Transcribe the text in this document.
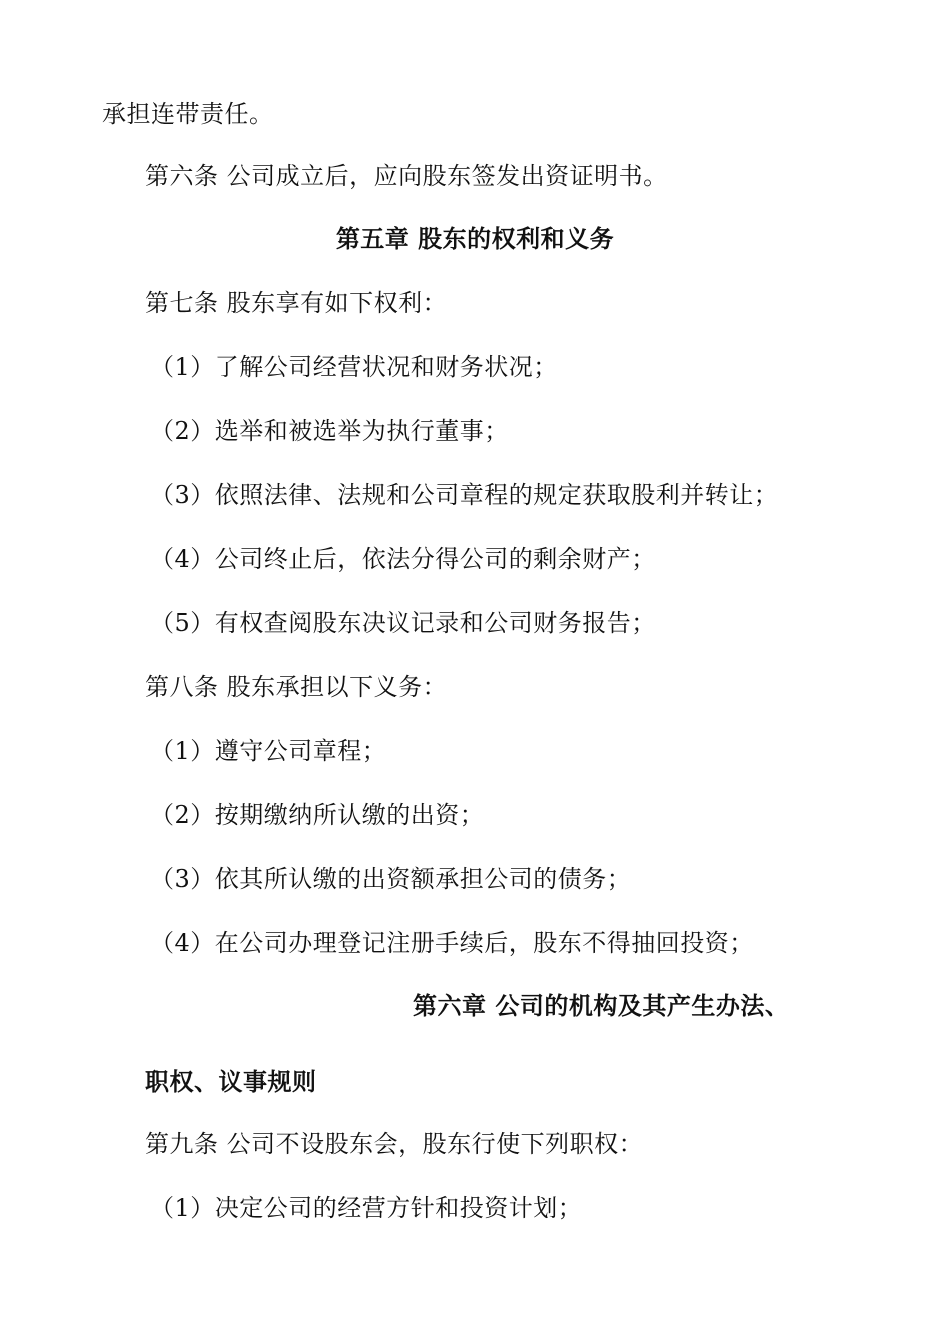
承担连带责任。
第六条 公司成立后，应向股东签发出资证明书。
第五章 股东的权利和义务
第七条 股东享有如下权利：
（1）了解公司经营状况和财务状况；
（2）选举和被选举为执行董事；
（3）依照法律、法规和公司章程的规定获取股利并转让；
（4）公司终止后，依法分得公司的剩余财产；
（5）有权查阅股东决议记录和公司财务报告；
第八条 股东承担以下义务：
（1）遵守公司章程；
（2）按期缴纳所认缴的出资；
（3）依其所认缴的出资额承担公司的债务；
（4）在公司办理登记注册手续后，股东不得抽回投资；
第六章 公司的机构及其产生办法、
职权、议事规则
第九条 公司不设股东会，股东行使下列职权：
（1）决定公司的经营方针和投资计划；
